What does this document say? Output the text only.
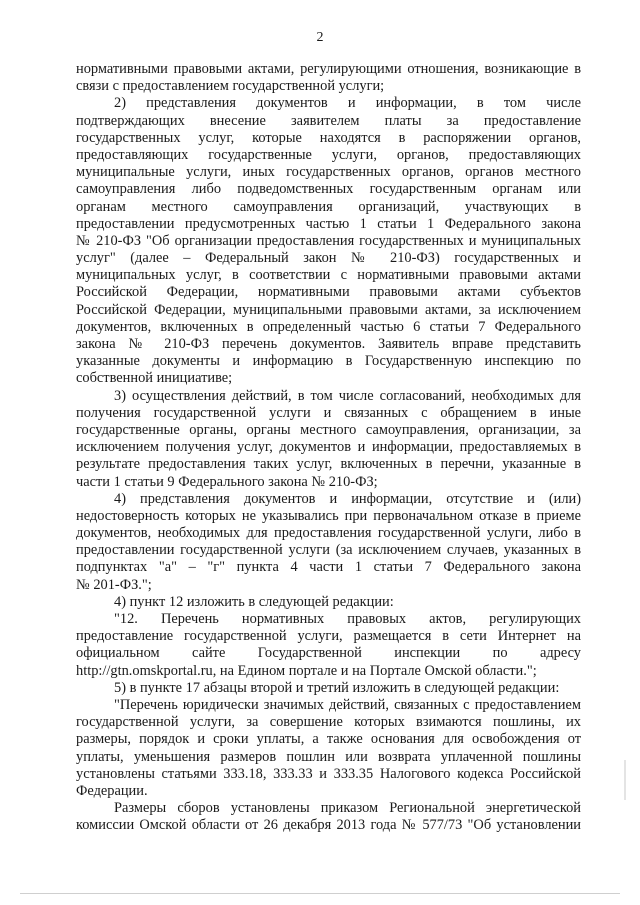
2
нормативными правовыми актами, регулирующими отношения, возникающие в
связи с предоставлением государственной услуги;
2) представления документов и информации, в том числе
подтверждающих внесение заявителем платы за предоставление
государственных услуг, которые находятся в распоряжении органов,
предоставляющих государственные услуги, органов, предоставляющих
муниципальные услуги, иных государственных органов, органов местного
самоуправления либо подведомственных государственным органам или
органам местного самоуправления организаций, участвующих в
предоставлении предусмотренных частью 1 статьи 1 Федерального закона
№ 210-ФЗ "Об организации предоставления государственных и муниципальных
услуг" (далее – Федеральный закон № 210-ФЗ) государственных и
муниципальных услуг, в соответствии с нормативными правовыми актами
Российской Федерации, нормативными правовыми актами субъектов
Российской Федерации, муниципальными правовыми актами, за исключением
документов, включенных в определенный частью 6 статьи 7 Федерального
закона № 210-ФЗ перечень документов. Заявитель вправе представить
указанные документы и информацию в Государственную инспекцию по
собственной инициативе;
3) осуществления действий, в том числе согласований, необходимых для
получения государственной услуги и связанных с обращением в иные
государственные органы, органы местного самоуправления, организации, за
исключением получения услуг, документов и информации, предоставляемых в
результате предоставления таких услуг, включенных в перечни, указанные в
части 1 статьи 9 Федерального закона № 210-ФЗ;
4) представления документов и информации, отсутствие и (или)
недостоверность которых не указывались при первоначальном отказе в приеме
документов, необходимых для предоставления государственной услуги, либо в
предоставлении государственной услуги (за исключением случаев, указанных в
подпунктах "а" – "г" пункта 4 части 1 статьи 7 Федерального закона
№ 201-ФЗ.";
4) пункт 12 изложить в следующей редакции:
"12. Перечень нормативных правовых актов, регулирующих
предоставление государственной услуги, размещается в сети Интернет на
официальном сайте Государственной инспекции по адресу
http://gtn.omskportal.ru, на Едином портале и на Портале Омской области.";
5) в пункте 17 абзацы второй и третий изложить в следующей редакции:
"Перечень юридически значимых действий, связанных с предоставлением
государственной услуги, за совершение которых взимаются пошлины, их
размеры, порядок и сроки уплаты, а также основания для освобождения от
уплаты, уменьшения размеров пошлин или возврата уплаченной пошлины
установлены статьями 333.18, 333.33 и 333.35 Налогового кодекса Российской
Федерации.
Размеры сборов установлены приказом Региональной энергетической
комиссии Омской области от 26 декабря 2013 года № 577/73 "Об установлении
